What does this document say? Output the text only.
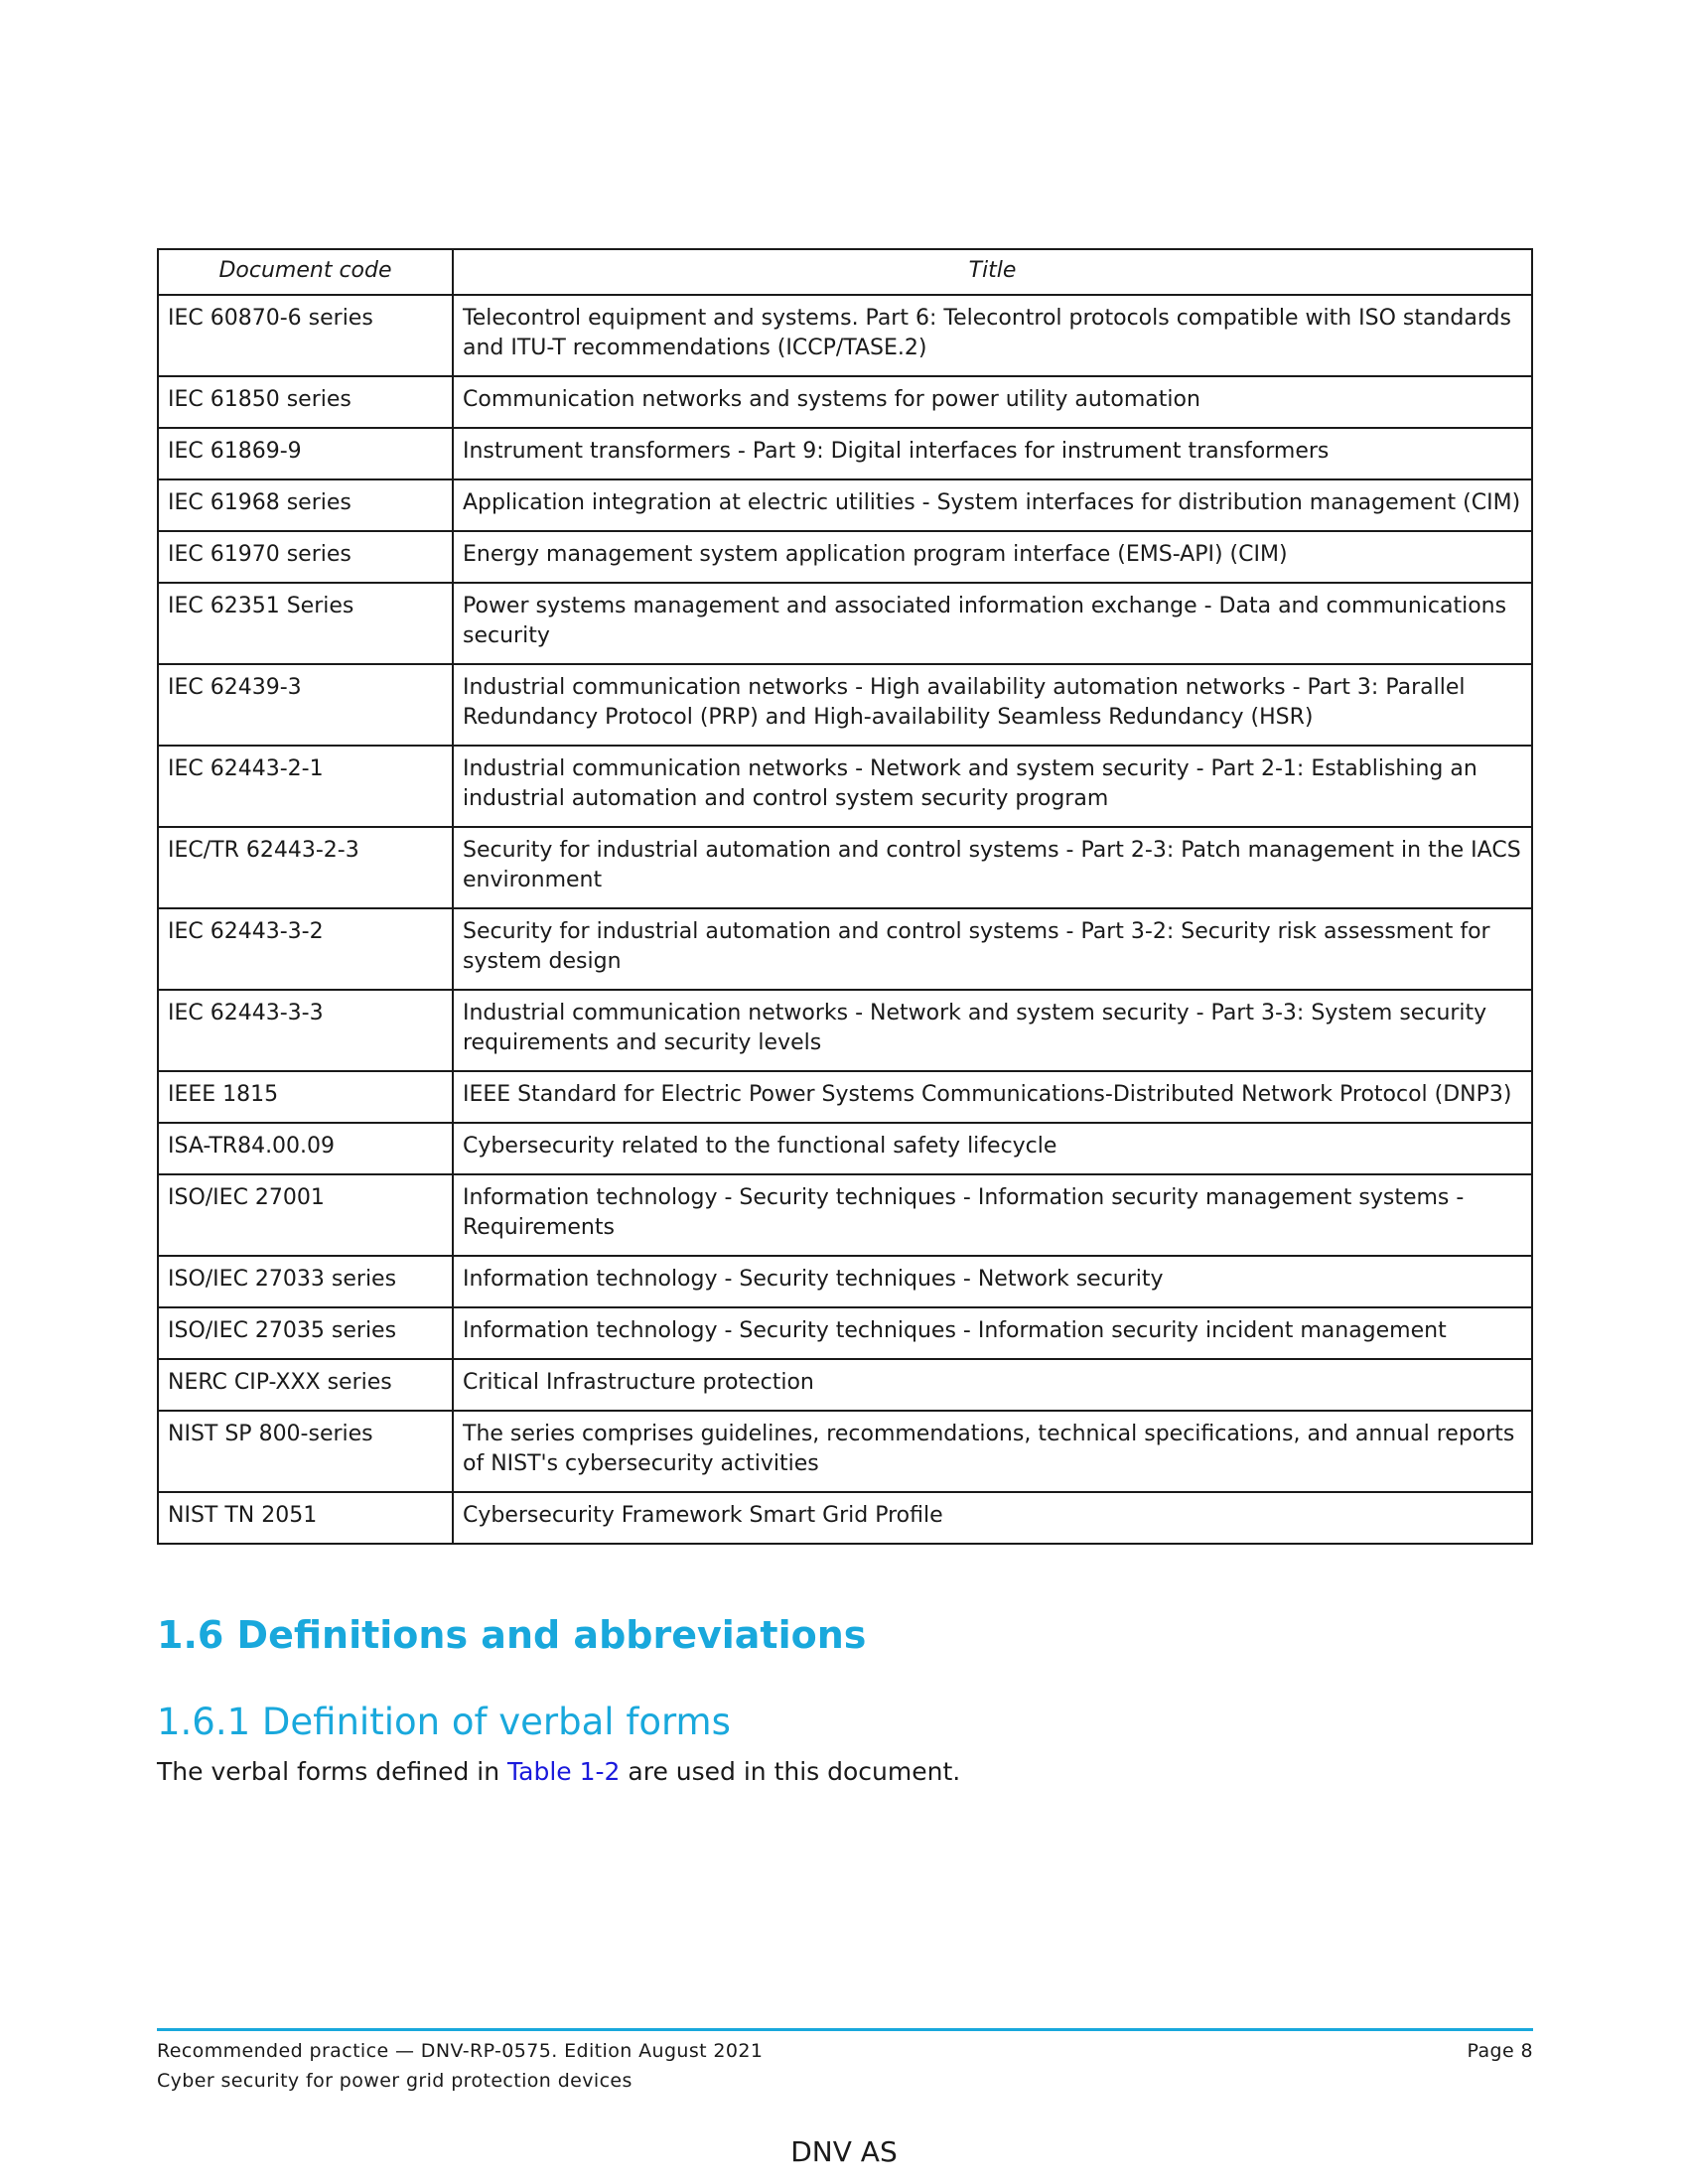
Document code	Title
IEC 60870-6 series	Telecontrol equipment and systems. Part 6: Telecontrol protocols compatible with ISO standards and ITU-T recommendations (ICCP/TASE.2)
IEC 61850 series	Communication networks and systems for power utility automation
IEC 61869-9	Instrument transformers - Part 9: Digital interfaces for instrument transformers
IEC 61968 series	Application integration at electric utilities - System interfaces for distribution management (CIM)
IEC 61970 series	Energy management system application program interface (EMS-API) (CIM)
IEC 62351 Series	Power systems management and associated information exchange - Data and communications security
IEC 62439-3	Industrial communication networks - High availability automation networks - Part 3: Parallel Redundancy Protocol (PRP) and High-availability Seamless Redundancy (HSR)
IEC 62443-2-1	Industrial communication networks - Network and system security - Part 2-1: Establishing an industrial automation and control system security program
IEC/TR 62443-2-3	Security for industrial automation and control systems - Part 2-3: Patch management in the IACS environment
IEC 62443-3-2	Security for industrial automation and control systems - Part 3-2: Security risk assessment for system design
IEC 62443-3-3	Industrial communication networks - Network and system security - Part 3-3: System security requirements and security levels
IEEE 1815	IEEE Standard for Electric Power Systems Communications-Distributed Network Protocol (DNP3)
ISA-TR84.00.09	Cybersecurity related to the functional safety lifecycle
ISO/IEC 27001	Information technology - Security techniques - Information security management systems - Requirements
ISO/IEC 27033 series	Information technology - Security techniques - Network security
ISO/IEC 27035 series	Information technology - Security techniques - Information security incident management
NERC CIP-XXX series	Critical Infrastructure protection
NIST SP 800-series	The series comprises guidelines, recommendations, technical specifications, and annual reports of NIST's cybersecurity activities
NIST TN 2051	Cybersecurity Framework Smart Grid Profile
1.6 Definitions and abbreviations
1.6.1 Definition of verbal forms

The verbal forms defined in Table 1-2 are used in this document.

Recommended practice — DNV-RP-0575. Edition August 2021
Cyber security for power grid protection devices
Page 8
DNV AS
